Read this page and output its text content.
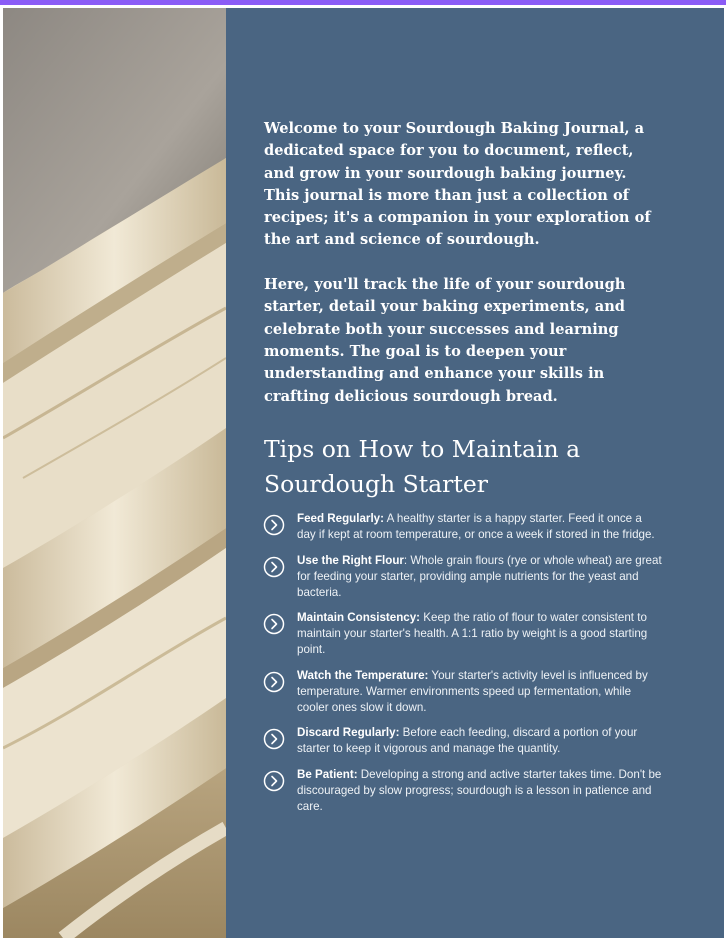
Welcome to your Sourdough Baking Journal, a dedicated space for you to document, reflect, and grow in your sourdough baking journey. This journal is more than just a collection of recipes; it's a companion in your exploration of the art and science of sourdough.

Here, you'll track the life of your sourdough starter, detail your baking experiments, and celebrate both your successes and learning moments. The goal is to deepen your understanding and enhance your skills in crafting delicious sourdough bread.

Tips on How to Maintain a Sourdough Starter
Feed Regularly: A healthy starter is a happy starter. Feed it once a day if kept at room temperature, or once a week if stored in the fridge.
Use the Right Flour: Whole grain flours (rye or whole wheat) are great for feeding your starter, providing ample nutrients for the yeast and bacteria.
Maintain Consistency: Keep the ratio of flour to water consistent to maintain your starter's health. A 1:1 ratio by weight is a good starting point.
Watch the Temperature: Your starter's activity level is influenced by temperature. Warmer environments speed up fermentation, while cooler ones slow it down.
Discard Regularly: Before each feeding, discard a portion of your starter to keep it vigorous and manage the quantity.
Be Patient: Developing a strong and active starter takes time. Don't be discouraged by slow progress; sourdough is a lesson in patience and care.
